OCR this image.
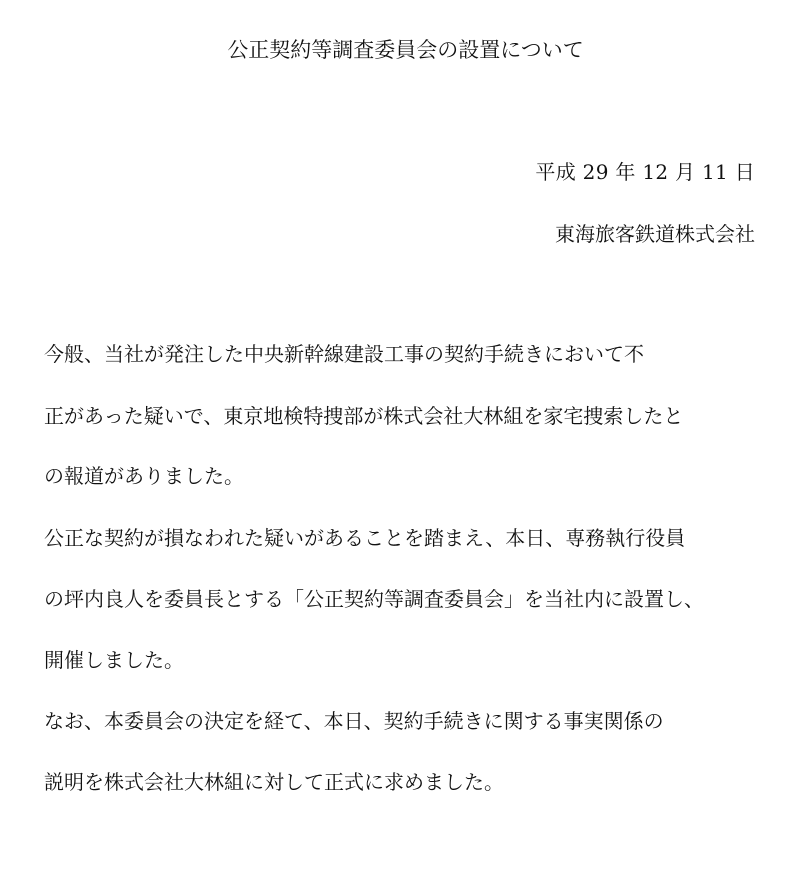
公正契約等調査委員会の設置について
平成 29 年 12 月 11 日
東海旅客鉄道株式会社
今般、当社が発注した中央新幹線建設工事の契約手続きにおいて不
正があった疑いで、東京地検特捜部が株式会社大林組を家宅捜索したと
の報道がありました。
公正な契約が損なわれた疑いがあることを踏まえ、本日、専務執行役員
の坪内良人を委員長とする「公正契約等調査委員会」を当社内に設置し、
開催しました。
なお、本委員会の決定を経て、本日、契約手続きに関する事実関係の
説明を株式会社大林組に対して正式に求めました。
